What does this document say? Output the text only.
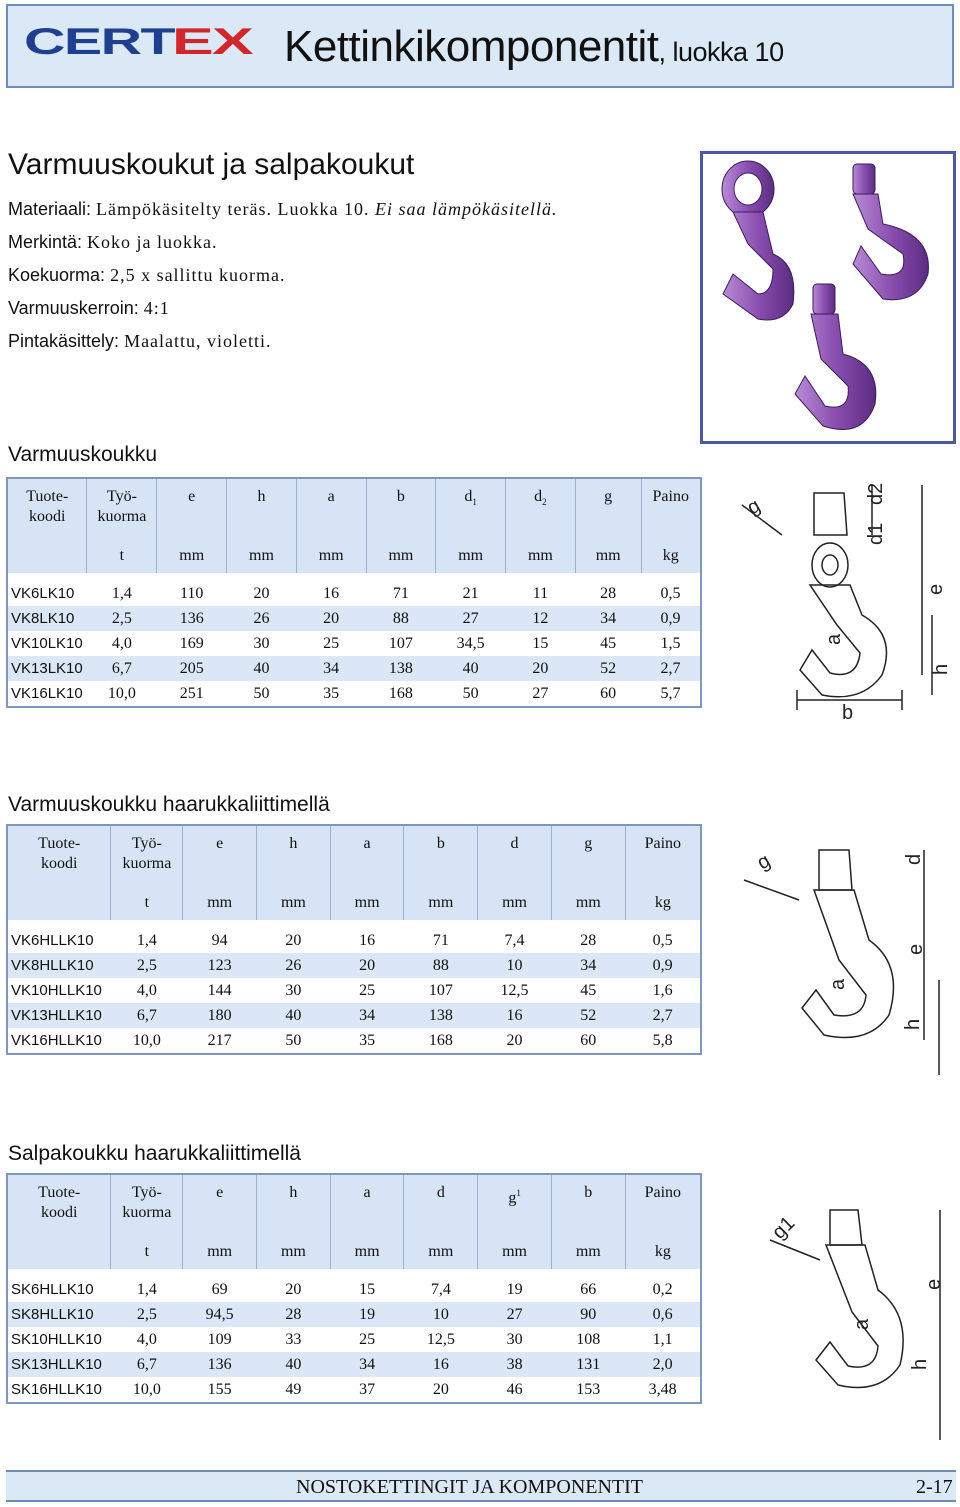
CERT
EX Kettinkikomponentit, luokka 10
Varmuuskoukut ja salpakoukut
Materiaali: Lämpökäsitelty teräs. Luokka 10. Ei saa lämpökäsitellä.
Merkintä: Koko ja luokka.
Koekuorma: 2,5 x sallittu kuorma.
Varmuuskerroin: 4:1
Pintakäsittely: Maalattu, violetti.
Varmuuskoukku
Tuote-
koodi	Työ-
kuorma	e	h	a	b	$d_1$	$d_2$	g	Paino
	t	mm	mm	mm	mm	mm	mm	mm	kg

VK6LK10	1,4	110	20	16	71	21	11	28	0,5
VK8LK10	2,5	136	26	20	88	27	12	34	0,9
VK10LK10	4,0	169	30	25	107	34,5	15	45	1,5
VK13LK10	6,7	205	40	34	138	40	20	52	2,7
VK16LK10	10,0	251	50	35	168	50	27	60	5,7
g
d2
d1
e
a
h
b
Varmuuskoukku haarukkaliittimellä
Tuote-
koodi	Työ-
kuorma	e	h	a	b	d	g	Paino
	t	mm	mm	mm	mm	mm	mm	kg

VK6HLLK10	1,4	94	20	16	71	7,4	28	0,5
VK8HLLK10	2,5	123	26	20	88	10	34	0,9
VK10HLLK10	4,0	144	30	25	107	12,5	45	1,6
VK13HLLK10	6,7	180	40	34	138	16	52	2,7
VK16HLLK10	10,0	217	50	35	168	20	60	5,8
g	d
e
a
h
Salpakoukku haarukkaliittimellä
Tuote-
koodi	Työ-
kuorma	e	h	a	d	$g^1$	b	Paino
	t	mm	mm	mm	mm	mm	mm	kg

SK6HLLK10	1,4	69	20	15	7,4	19	66	0,2
SK8HLLK10	2,5	94,5	28	19	10	27	90	0,6
SK10HLLK10	4,0	109	33	25	12,5	30	108	1,1
SK13HLLK10	6,7	136	40	34	16	38	131	2,0
SK16HLLK10	10,0	155	49	37	20	46	153	3,48
g1
e
a
h
NOSTOKETTINGIT JA KOMPONENTIT	2-17
